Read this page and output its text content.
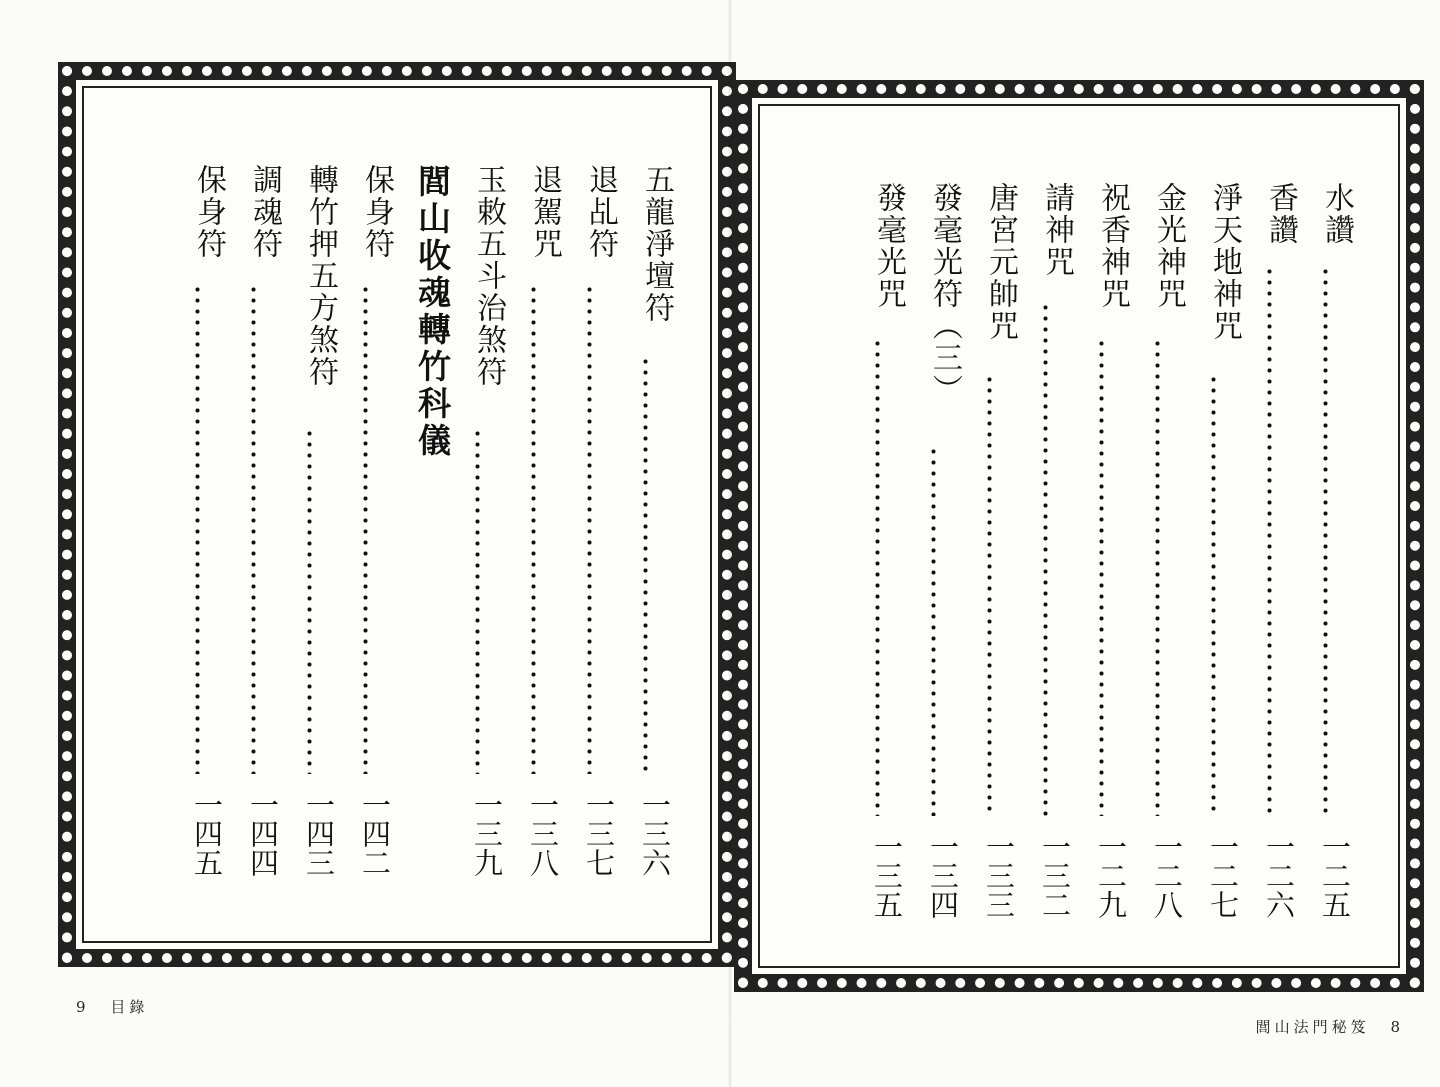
五龍淨壇符
一三六
退乩符
一三七
退駕咒
一三八
玉敕五斗治煞符
一三九
閭山收魂轉竹科儀
保身符
一四二
轉竹押五方煞符
一四三
調魂符
一四四
保身符
一四五
9 目錄
水讚
一二五
香讚
一二六
淨天地神咒
一二七
金光神咒
一二八
祝香神咒
一二九
請神咒
一三二
唐宮元帥咒
一三三
發毫光符（三）
一三四
發毫光咒
一三五
閭山法門秘笈 8
